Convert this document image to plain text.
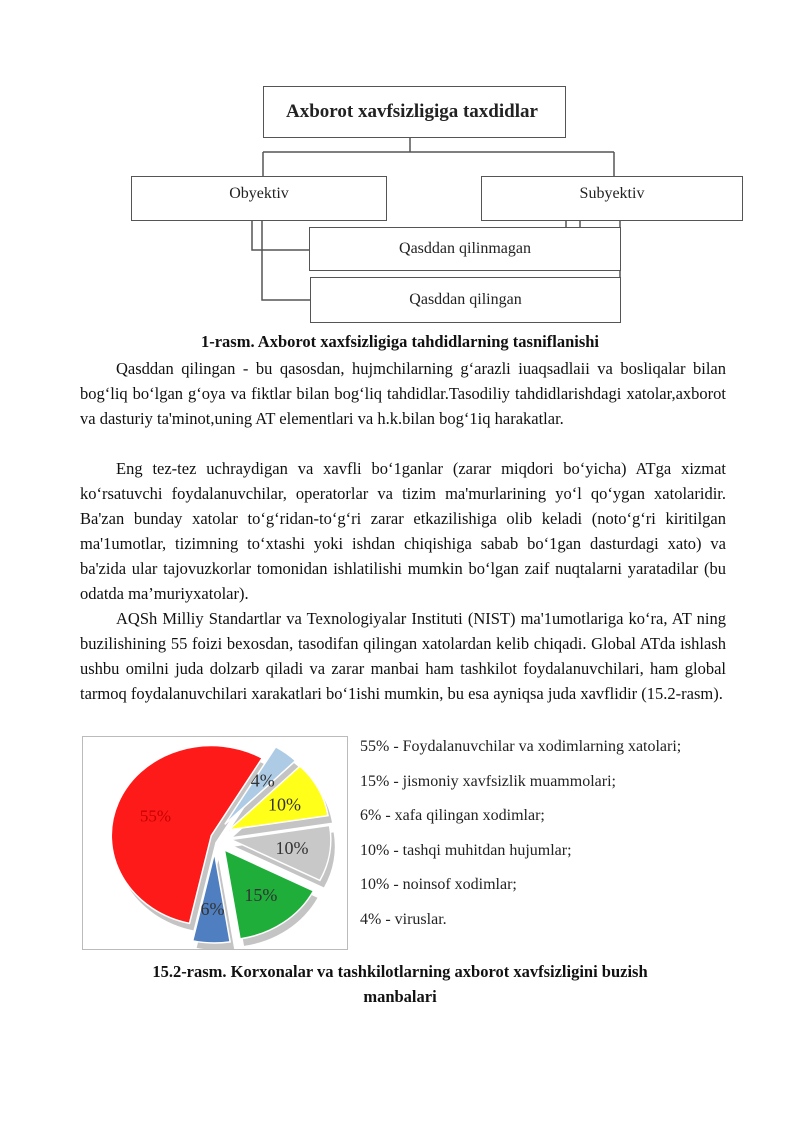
Axborot xavfsizligiga taxdidlar
Obyektiv	Subyektiv
Qasddan qilinmagan
Qasddan qilingan
1-rasm. Axborot xaxfsizligiga tahdidlarning tasniflanishi
Qasddan qilingan - bu qasosdan, hujmchilarning g‘arazli iuaqsadlaii va bosliqalar bilan bog‘liq bo‘lgan g‘oya va fiktlar bilan bog‘liq tahdidlar.Tasodiliy tahdidlarishdagi xatolar,axborot va dasturiy ta'minot,uning AT elementlari va h.k.bilan bog‘1iq harakatlar.
Eng tez-tez uchraydigan va xavfli bo‘1ganlar (zarar miqdori bo‘yicha) ATga xizmat ko‘rsatuvchi foydalanuvchilar, operatorlar va tizim ma'murlarining yo‘l qo‘ygan xatolaridir. Ba'zan bunday xatolar to‘g‘ridan-to‘g‘ri zarar etkazilishiga olib keladi (noto‘g‘ri kiritilgan ma'1umotlar, tizimning to‘xtashi yoki ishdan chiqishiga sabab bo‘1gan dasturdagi xato) va ba'zida ular tajovuzkorlar tomonidan ishlatilishi mumkin bo‘lgan zaif nuqtalarni yaratadilar (bu odatda ma’muriyxatolar).
AQSh Milliy Standartlar va Texnologiyalar Instituti (NIST) ma'1umotlariga ko‘ra, AT ning buzilishining 55 foizi bexosdan, tasodifan qilingan xatolardan kelib chiqadi. Global ATda ishlash ushbu omilni juda dolzarb qiladi va zarar manbai ham tashkilot foydalanuvchilari, ham global tarmoq foydalanuvchilari xarakatlari bo‘1ishi mumkin, bu esa ayniqsa juda xavflidir (15.2-rasm).
55%
4%
10%
10%
15%
6%
55% - Foydalanuvchilar va xodimlarning xatolari;
15% - jismoniy xavfsizlik muammolari;
6% - xafa qilingan xodimlar;
10% - tashqi muhitdan hujumlar;
10% - noinsof xodimlar;
4% - viruslar.
15.2-rasm. Korxonalar va tashkilotlarning axborot xavfsizligini buzish
manbalari
